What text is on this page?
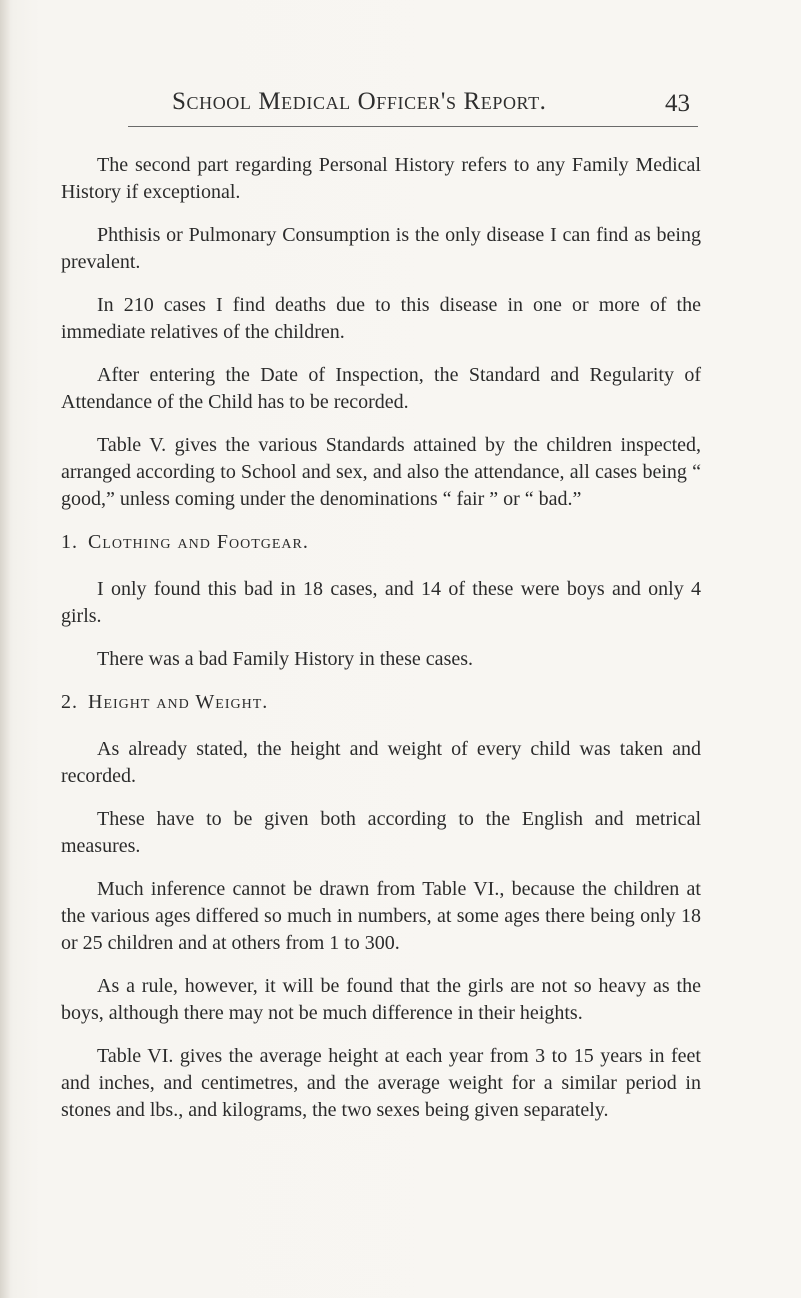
School Medical Officer's Report.	43

The second part regarding Personal History refers to any Family Medical History if exceptional.

Phthisis or Pulmonary Consumption is the only disease I can find as being prevalent.

In 210 cases I find deaths due to this disease in one or more of the immediate relatives of the children.

After entering the Date of Inspection, the Standard and Regularity of Attendance of the Child has to be recorded.

Table V. gives the various Standards attained by the children inspected, arranged according to School and sex, and also the attendance, all cases being “ good,” unless coming under the denominations “ fair ” or “ bad.”

1. Clothing and Footgear.

I only found this bad in 18 cases, and 14 of these were boys and only 4 girls.

There was a bad Family History in these cases.

2. Height and Weight.

As already stated, the height and weight of every child was taken and recorded.

These have to be given both according to the English and metrical measures.

Much inference cannot be drawn from Table VI., because the children at the various ages differed so much in numbers, at some ages there being only 18 or 25 children and at others from 1 to 300.

As a rule, however, it will be found that the girls are not so heavy as the boys, although there may not be much difference in their heights.

Table VI. gives the average height at each year from 3 to 15 years in feet and inches, and centimetres, and the average weight for a similar period in stones and lbs., and kilograms, the two sexes being given separately.
